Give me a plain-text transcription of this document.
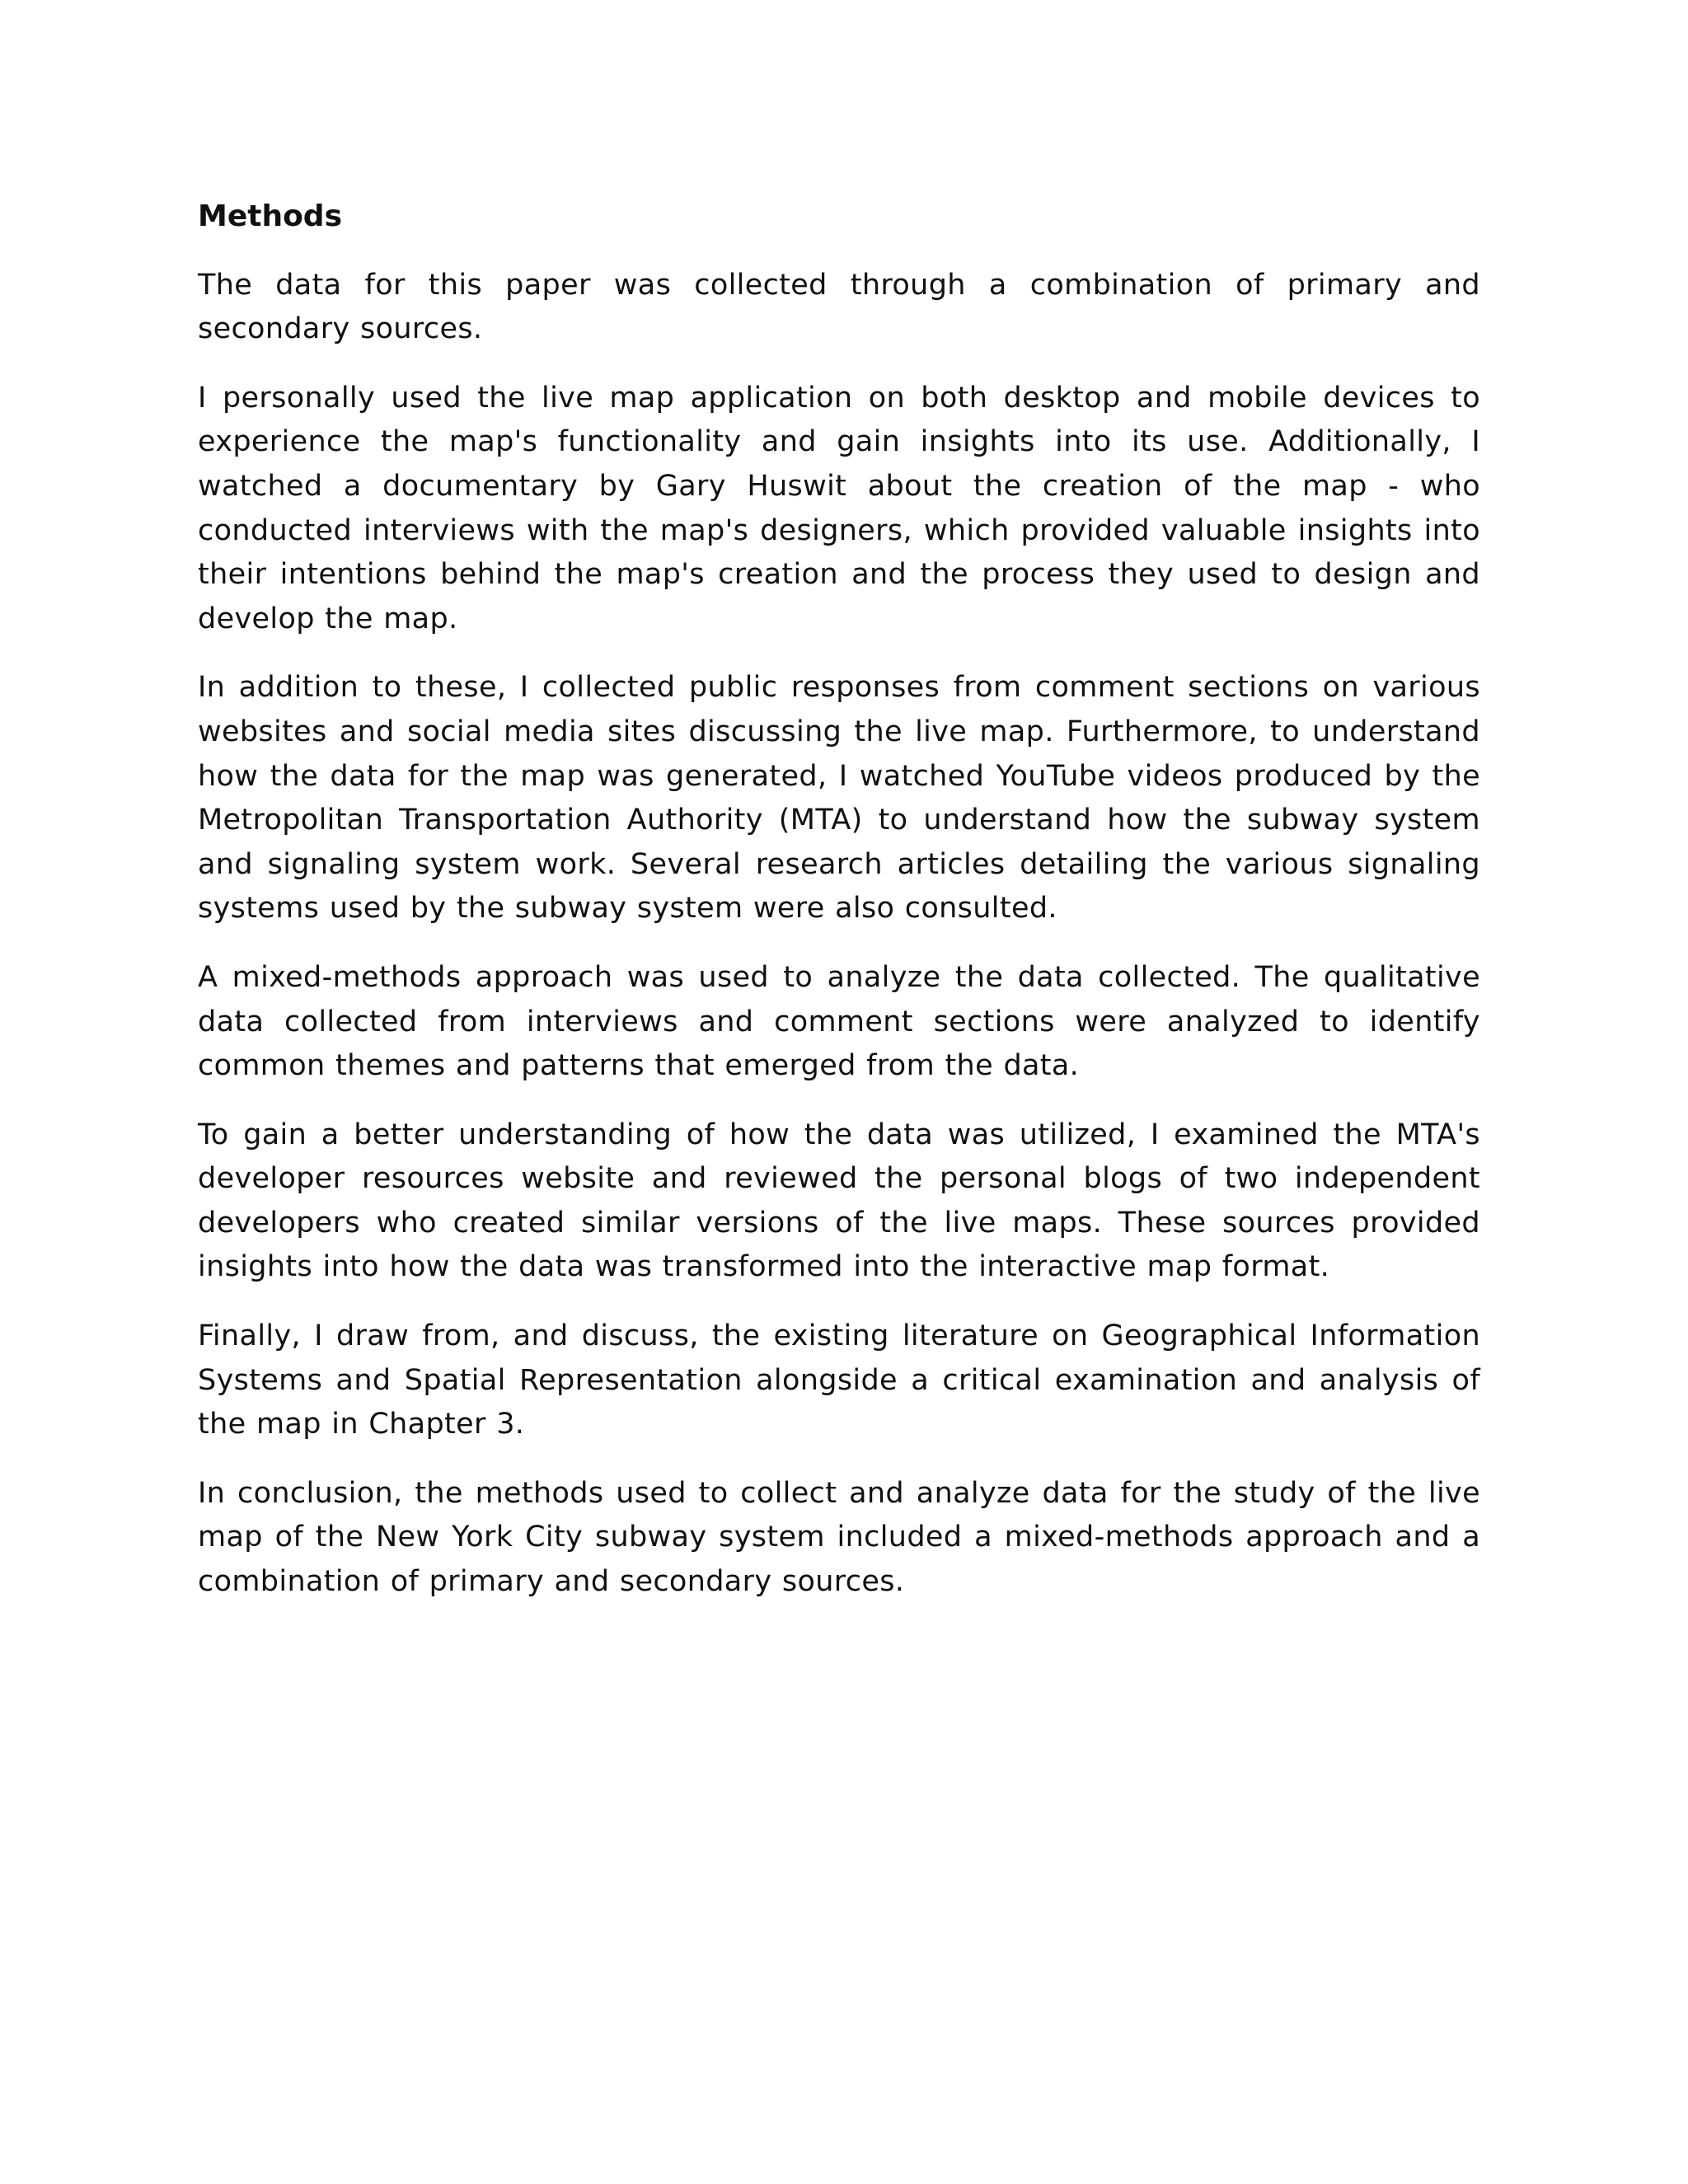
Methods

The data for this paper was collected through a combination of primary and secondary sources.

I personally used the live map application on both desktop and mobile devices to experience the map's functionality and gain insights into its use. Additionally, I watched a documentary by Gary Huswit about the creation of the map - who conducted interviews with the map's designers, which provided valuable insights into their intentions behind the map's creation and the process they used to design and develop the map.

In addition to these, I collected public responses from comment sections on various websites and social media sites discussing the live map. Furthermore, to understand how the data for the map was generated, I watched YouTube videos produced by the Metropolitan Transportation Authority (MTA) to understand how the subway system and signaling system work. Several research articles detailing the various signaling systems used by the subway system were also consulted.

A mixed-methods approach was used to analyze the data collected. The qualitative data collected from interviews and comment sections were analyzed to identify common themes and patterns that emerged from the data.

To gain a better understanding of how the data was utilized, I examined the MTA's developer resources website and reviewed the personal blogs of two independent developers who created similar versions of the live maps. These sources provided insights into how the data was transformed into the interactive map format.

Finally, I draw from, and discuss, the existing literature on Geographical Information Systems and Spatial Representation alongside a critical examination and analysis of the map in Chapter 3.

In conclusion, the methods used to collect and analyze data for the study of the live map of the New York City subway system included a mixed-methods approach and a combination of primary and secondary sources.
